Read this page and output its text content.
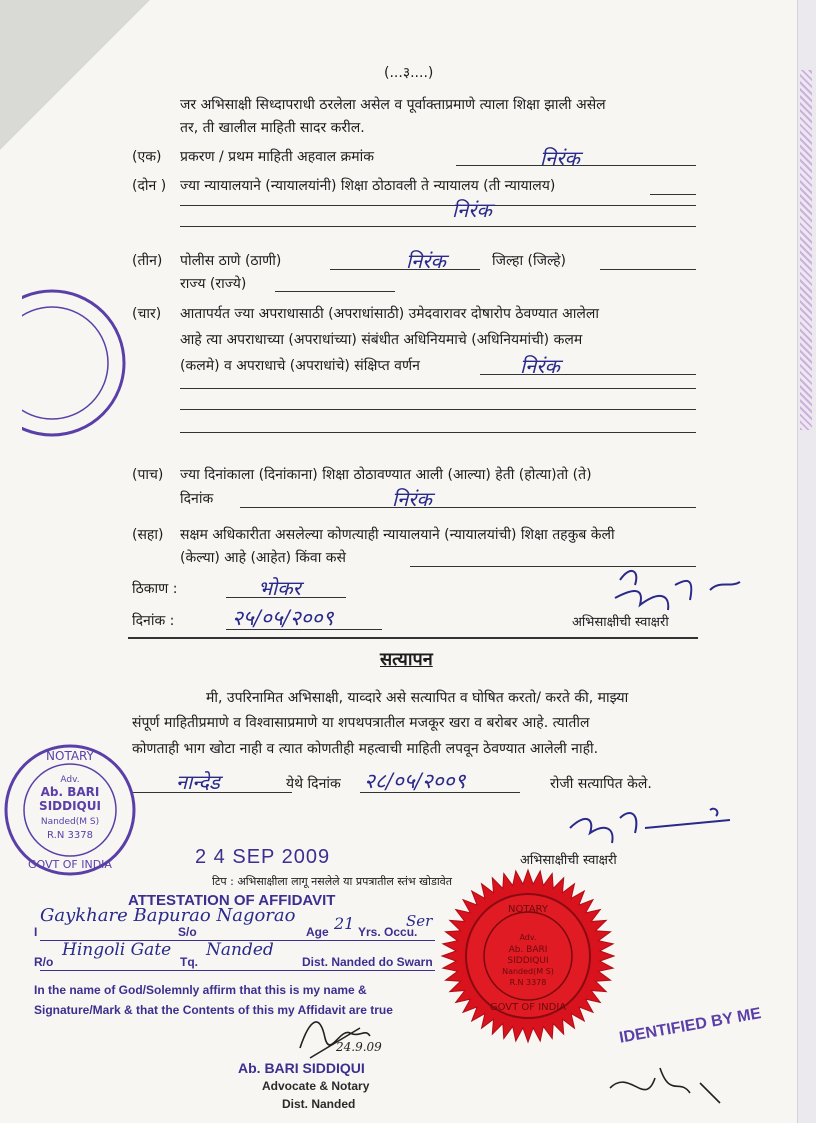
(...३....)
जर अभिसाक्षी सिध्दापराधी ठरलेला असेल व पूर्वाक्ताप्रमाणे त्याला शिक्षा झाली असेल
तर, ती खालील माहिती सादर करील.
(एक) प्रकरण / प्रथम माहिती अहवाल क्रमांक	निरंक
(दोन ) ज्या न्यायालयाने (न्यायालयांनी) शिक्षा ठोठावली ते न्यायालय (ती न्यायालय)
निरंक
(तीन) पोलीस ठाणे (ठाणी)	निरंक	जिल्हा (जिल्हे)
राज्य (राज्ये)
(चार) आतापर्यत ज्या अपराधासाठी (अपराधांसाठी) उमेदवारावर दोषारोप ठेवण्यात आलेला
आहे त्या अपराधाच्या (अपराधांच्या) संबंधीत अधिनियमाचे (अधिनियमांची) कलम
(कलमे) व अपराधाचे (अपराधांचे) संक्षिप्त वर्णन	निरंक
(पाच) ज्या दिनांकाला (दिनांकाना) शिक्षा ठोठावण्यात आली (आल्या) हेती (होत्या)तो (ते)
दिनांक	निरंक
(सहा) सक्षम अधिकारीता असलेल्या कोणत्याही न्यायालयाने (न्यायालयांची) शिक्षा तहकुब केली
(केल्या) आहे (आहेत) किंवा कसे
ठिकाण :	भोकर
दिनांक :	२५/०५/२००९	अभिसाक्षीची स्वाक्षरी
सत्यापन
मी, उपरिनामित अभिसाक्षी, याव्दारे असे सत्यापित व घोषित करतो/ करते की, माझ्या
संपूर्ण माहितीप्रमाणे व विश्वासाप्रमाणे या शपथपत्रातील मजकूर खरा व बरोबर आहे. त्यातील
कोणताही भाग खोटा नाही व त्यात कोणतीही महत्वाची माहिती लपवून ठेवण्यात आलेली नाही.
नान्देड	येथे दिनांक २८/०५/२००९	रोजी सत्यापित केले.
अभिसाक्षीची स्वाक्षरी
2 4 SEP 2009
टिप : अभिसाक्षीला लागू नसलेले या प्रपत्रातील स्तंभ खोडावेत
ATTESTATION OF AFFIDAVIT
I
Gaykhare Bapurao Nagorao
S/o	Age 21 Yrs. Occu.
Ser
R/o
Hingoli Gate
Tq.
Nanded
Dist. Nanded do Swarn
In the name of God/Solemnly affirm that this is my name &
Signature/Mark & that the Contents of this my Affidavit are true
24.9.09
Ab. BARI SIDDIQUI
Advocate & Notary
Dist. Nanded
IDENTIFIED BY ME
NOTARY
Adv.
Ab. BARI
SIDDIQUI
Nanded(M S)
R.N 3378
GOVT OF INDIA
NOTARY
Adv.
Ab. BARI
SIDDIQUI
Nanded(M S)
R.N 3378
GOVT OF INDIA
